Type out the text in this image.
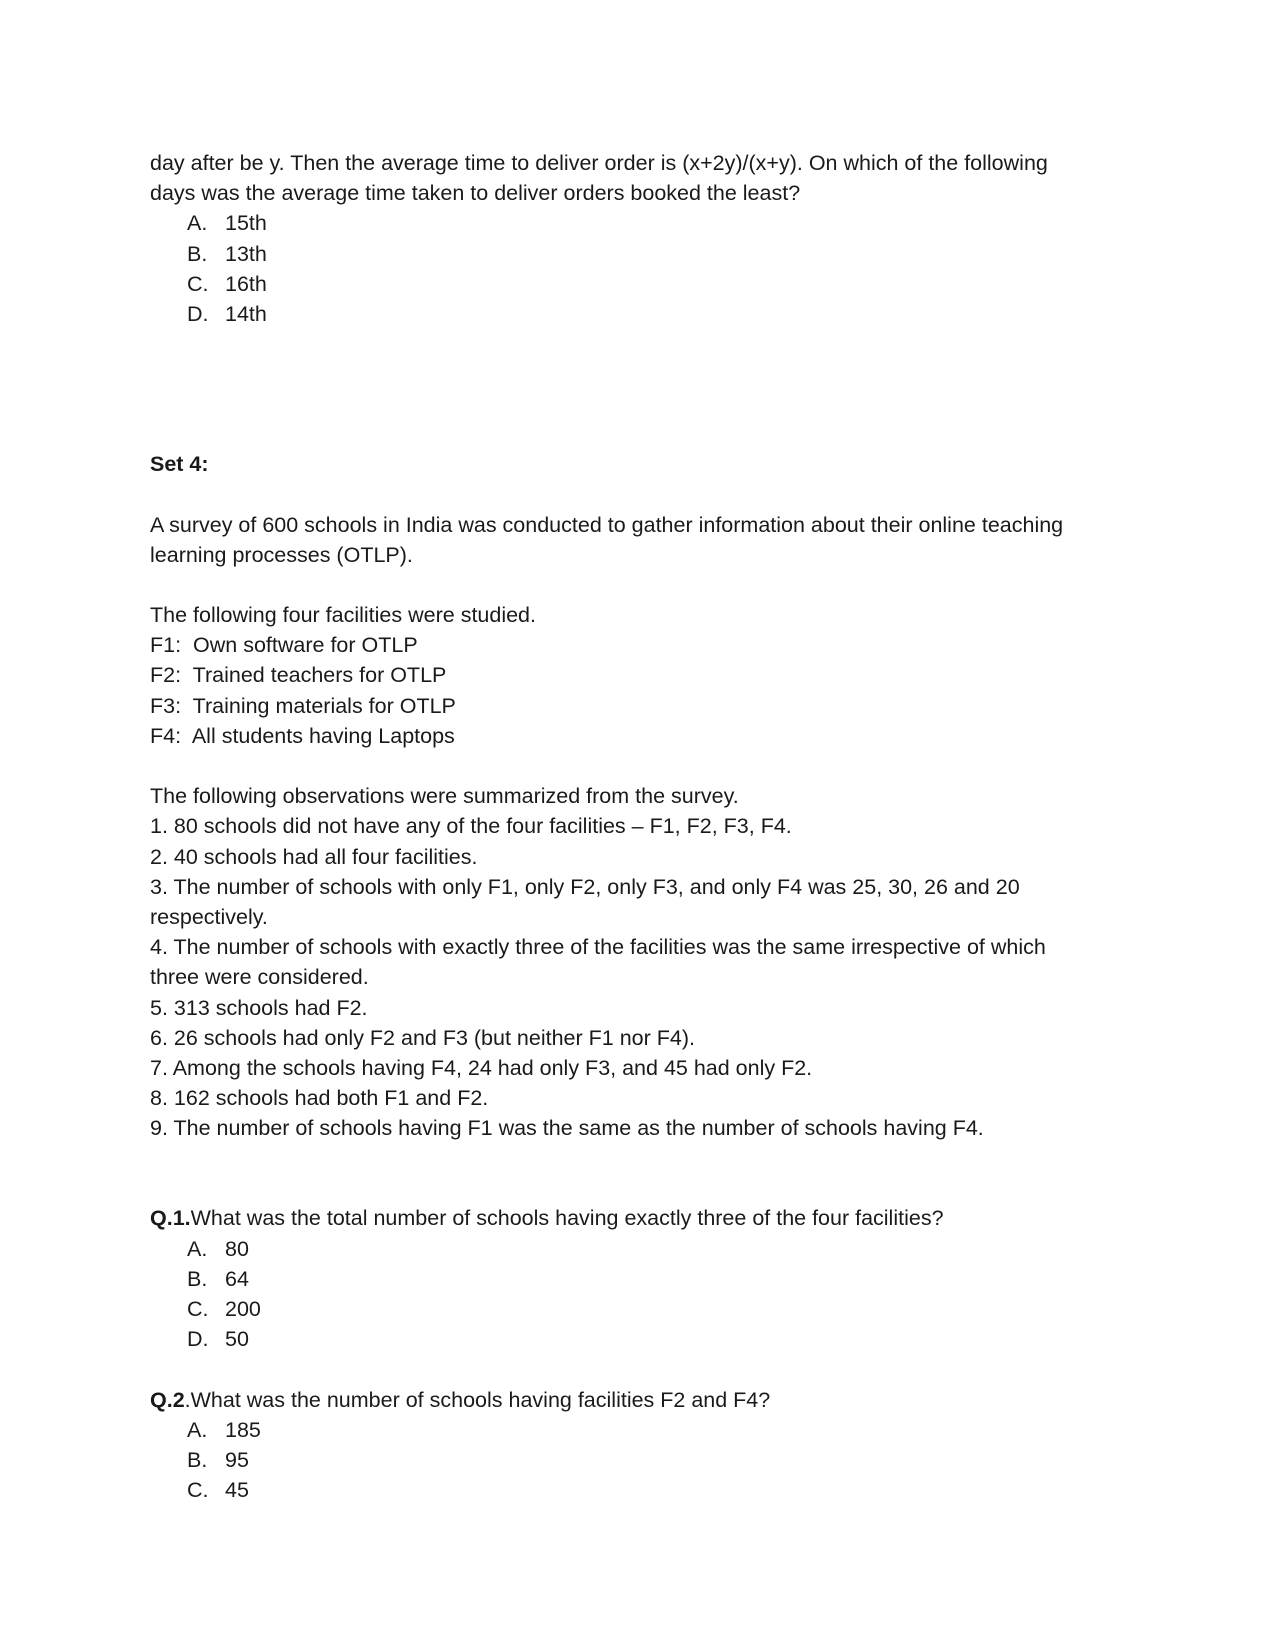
day after be y. Then the average time to deliver order is (x+2y)/(x+y). On which of the following
days was the average time taken to deliver orders booked the least?
A. 15th
B. 13th
C. 16th
D. 14th
Set 4:
A survey of 600 schools in India was conducted to gather information about their online teaching
learning processes (OTLP).
The following four facilities were studied.
F1: Own software for OTLP
F2: Trained teachers for OTLP
F3: Training materials for OTLP
F4: All students having Laptops
The following observations were summarized from the survey.
1. 80 schools did not have any of the four facilities – F1, F2, F3, F4.
2. 40 schools had all four facilities.
3. The number of schools with only F1, only F2, only F3, and only F4 was 25, 30, 26 and 20
respectively.
4. The number of schools with exactly three of the facilities was the same irrespective of which
three were considered.
5. 313 schools had F2.
6. 26 schools had only F2 and F3 (but neither F1 nor F4).
7. Among the schools having F4, 24 had only F3, and 45 had only F2.
8. 162 schools had both F1 and F2.
9. The number of schools having F1 was the same as the number of schools having F4.
Q.1.What was the total number of schools having exactly three of the four facilities?
A. 80
B. 64
C. 200
D. 50
Q.2.What was the number of schools having facilities F2 and F4?
A. 185
B. 95
C. 45
